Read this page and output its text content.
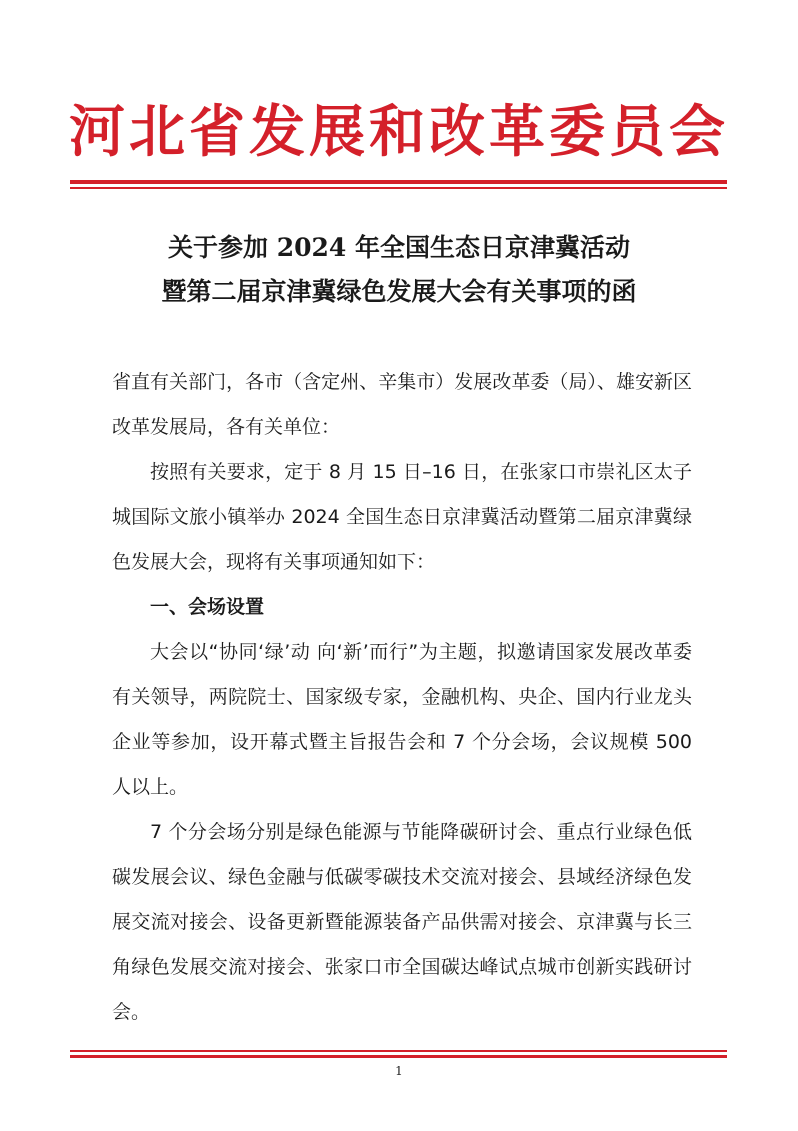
河北省发展和改革委员会
关于参加 2024 年全国生态日京津冀活动
暨第二届京津冀绿色发展大会有关事项的函

省直有关部门，各市（含定州、辛集市）发展改革委（局）、雄安新区改革发展局，各有关单位：

按照有关要求，定于 8 月 15 日–16 日，在张家口市崇礼区太子城国际文旅小镇举办 2024 全国生态日京津冀活动暨第二届京津冀绿色发展大会，现将有关事项通知如下：

一、会场设置

大会以“协同‘绿’动 向‘新’而行”为主题，拟邀请国家发展改革委有关领导，两院院士、国家级专家，金融机构、央企、国内行业龙头企业等参加，设开幕式暨主旨报告会和 7 个分会场，会议规模 500 人以上。

7 个分会场分别是绿色能源与节能降碳研讨会、重点行业绿色低碳发展会议、绿色金融与低碳零碳技术交流对接会、县域经济绿色发展交流对接会、设备更新暨能源装备产品供需对接会、京津冀与长三角绿色发展交流对接会、张家口市全国碳达峰试点城市创新实践研讨会。

1
